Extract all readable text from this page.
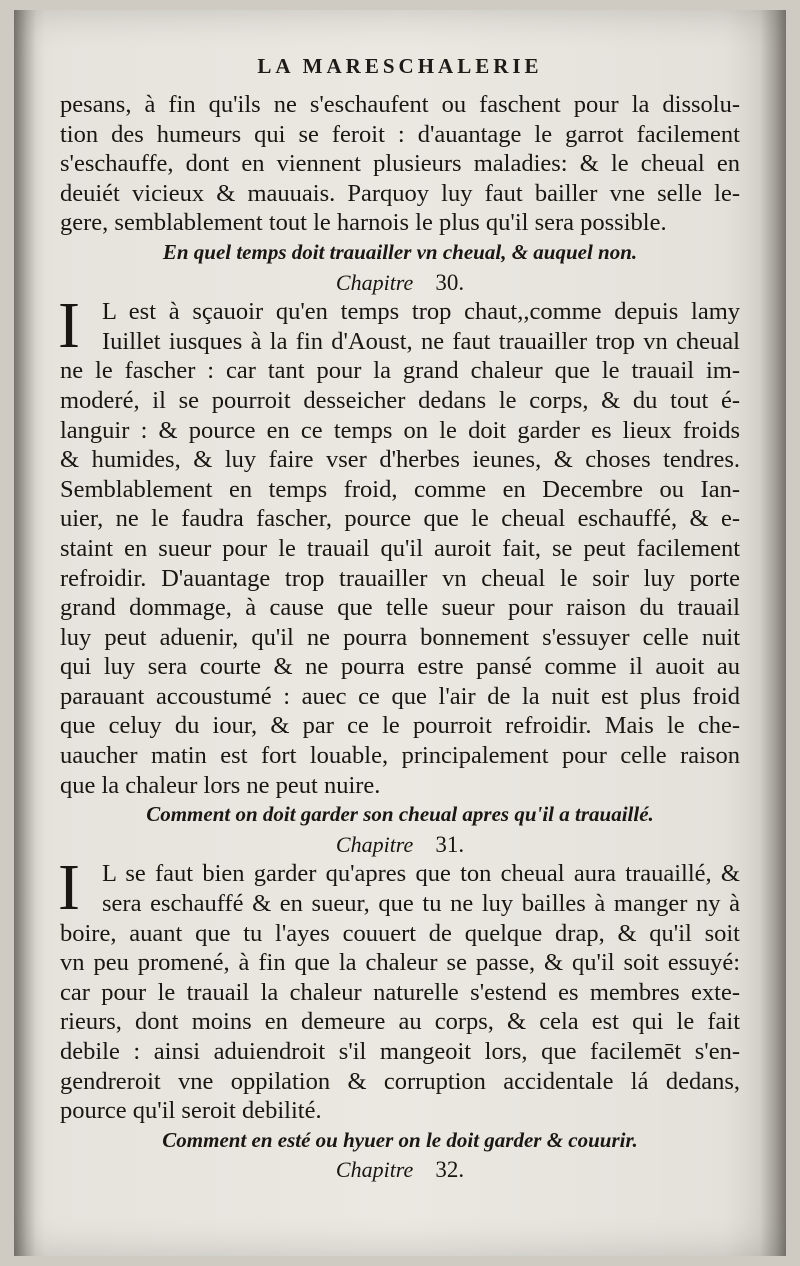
LA MARESCHALERIE
pesans, à fin qu'ils ne s'eschaufent ou faschent pour la dissolu-
tion des humeurs qui se feroit : d'auantage le garrot facilement
s'eschauffe, dont en viennent plusieurs maladies: & le cheual en
deuiét vicieux & mauuais. Parquoy luy faut bailler vne selle le-
gere, semblablement tout le harnois le plus qu'il sera possible.
En quel temps doit trauailler vn cheual, & auquel non.
Chapitre 30.
I L est à sçauoir qu'en temps trop chaut,,comme depuis lamy
Iuillet iusques à la fin d'Aoust, ne faut trauailler trop vn cheual
ne le fascher : car tant pour la grand chaleur que le trauail im-
moderé, il se pourroit desseicher dedans le corps, & du tout é-
languir : & pource en ce temps on le doit garder es lieux froids
& humides, & luy faire vser d'herbes ieunes, & choses tendres.
Semblablement en temps froid, comme en Decembre ou Ian-
uier, ne le faudra fascher, pource que le cheual eschauffé, & e-
staint en sueur pour le trauail qu'il auroit fait, se peut facilement
refroidir. D'auantage trop trauailler vn cheual le soir luy porte
grand dommage, à cause que telle sueur pour raison du trauail
luy peut aduenir, qu'il ne pourra bonnement s'essuyer celle nuit
qui luy sera courte & ne pourra estre pansé comme il auoit au
parauant accoustumé : auec ce que l'air de la nuit est plus froid
que celuy du iour, & par ce le pourroit refroidir. Mais le che-
uaucher matin est fort louable, principalement pour celle raison
que la chaleur lors ne peut nuire.
Comment on doit garder son cheual apres qu'il a trauaillé.
Chapitre 31.
I L se faut bien garder qu'apres que ton cheual aura trauaillé, &
sera eschauffé & en sueur, que tu ne luy bailles à manger ny à
boire, auant que tu l'ayes couuert de quelque drap, & qu'il soit
vn peu promené, à fin que la chaleur se passe, & qu'il soit essuyé:
car pour le trauail la chaleur naturelle s'estend es membres exte-
rieurs, dont moins en demeure au corps, & cela est qui le fait
debile : ainsi aduiendroit s'il mangeoit lors, que facilemēt s'en-
gendreroit vne oppilation & corruption accidentale lá dedans,
pource qu'il seroit debilité.
Comment en esté ou hyuer on le doit garder & couurir.
Chapitre 32.
